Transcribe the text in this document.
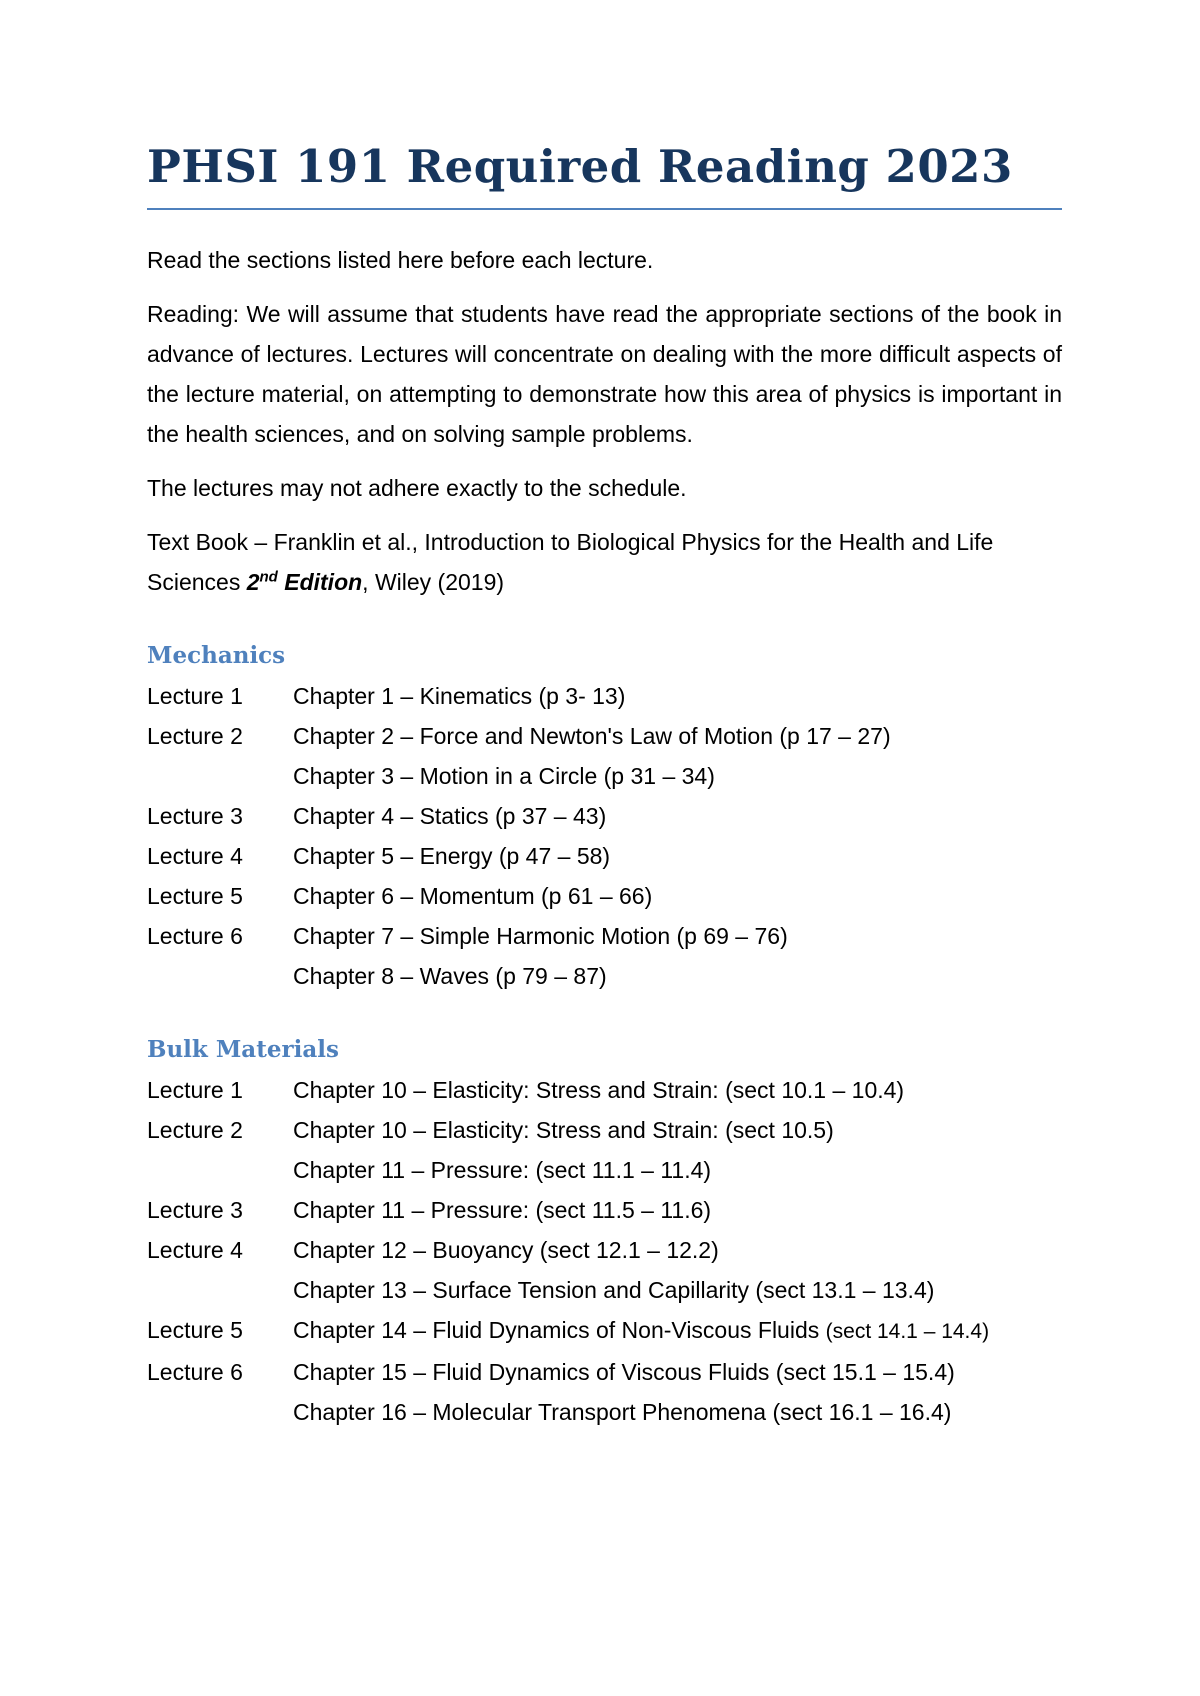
PHSI 191 Required Reading 2023

Read the sections listed here before each lecture.

Reading: We will assume that students have read the appropriate sections of the book in advance of lectures. Lectures will concentrate on dealing with the more difficult aspects of the lecture material, on attempting to demonstrate how this area of physics is important in the health sciences, and on solving sample problems.

The lectures may not adhere exactly to the schedule.

Text Book – Franklin et al., Introduction to Biological Physics for the Health and Life Sciences 2nd Edition, Wiley (2019)

Mechanics
Lecture 1	Chapter 1 – Kinematics (p 3- 13)
Lecture 2	Chapter 2 – Force and Newton's Law of Motion (p 17 – 27)
Chapter 3 – Motion in a Circle (p 31 – 34)
Lecture 3	Chapter 4 – Statics (p 37 – 43)
Lecture 4	Chapter 5 – Energy (p 47 – 58)
Lecture 5	Chapter 6 – Momentum (p 61 – 66)
Lecture 6	Chapter 7 – Simple Harmonic Motion (p 69 – 76)
Chapter 8 – Waves (p 79 – 87)
Bulk Materials
Lecture 1	Chapter 10 – Elasticity: Stress and Strain: (sect 10.1 – 10.4)
Lecture 2	Chapter 10 – Elasticity: Stress and Strain: (sect 10.5)
Chapter 11 – Pressure: (sect 11.1 – 11.4)
Lecture 3	Chapter 11 – Pressure: (sect 11.5 – 11.6)
Lecture 4	Chapter 12 – Buoyancy (sect 12.1 – 12.2)
Chapter 13 – Surface Tension and Capillarity (sect 13.1 – 13.4)
Lecture 5	Chapter 14 – Fluid Dynamics of Non-Viscous Fluids (sect 14.1 – 14.4)
Lecture 6	Chapter 15 – Fluid Dynamics of Viscous Fluids (sect 15.1 – 15.4)
Chapter 16 – Molecular Transport Phenomena (sect 16.1 – 16.4)
